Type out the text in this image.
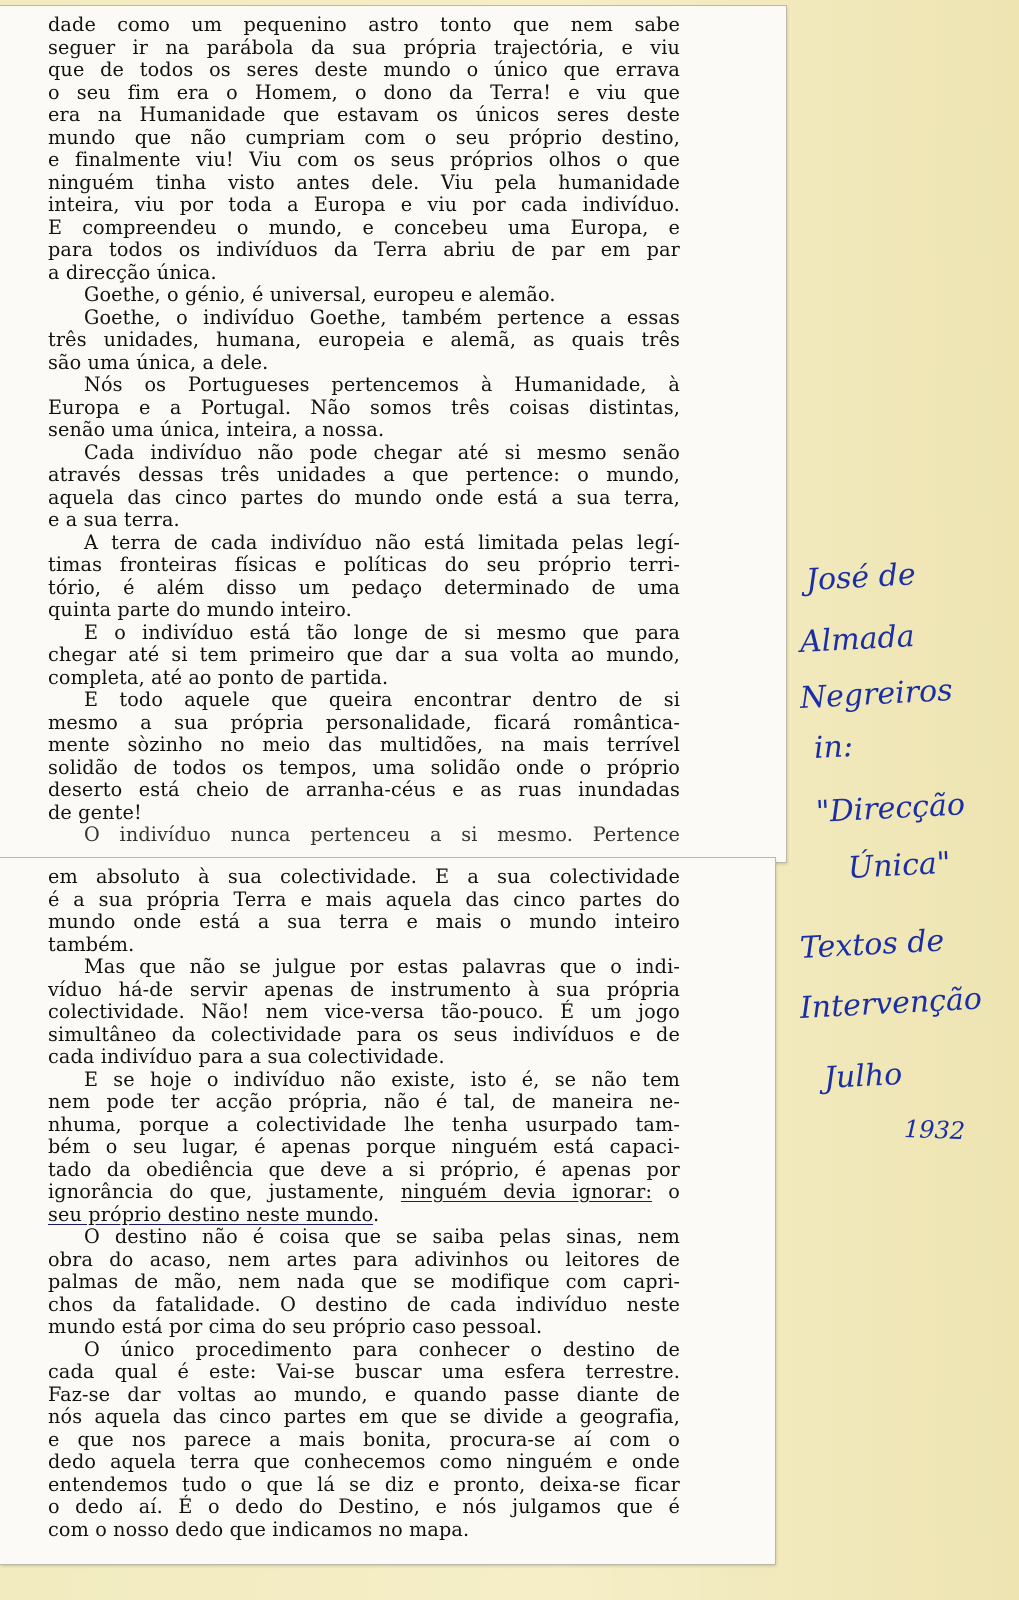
dade como um pequenino astro tonto que nem sabe
seguer ir na parábola da sua própria trajectória, e viu
que de todos os seres deste mundo o único que errava
o seu fim era o Homem, o dono da Terra! e viu que
era na Humanidade que estavam os únicos seres deste
mundo que não cumpriam com o seu próprio destino,
e finalmente viu! Viu com os seus próprios olhos o que
ninguém tinha visto antes dele. Viu pela humanidade
inteira, viu por toda a Europa e viu por cada indivíduo.
E compreendeu o mundo, e concebeu uma Europa, e
para todos os indivíduos da Terra abriu de par em par
a direcção única.
Goethe, o génio, é universal, europeu e alemão.
Goethe, o indivíduo Goethe, também pertence a essas
três unidades, humana, europeia e alemã, as quais três
são uma única, a dele.
Nós os Portugueses pertencemos à Humanidade, à
Europa e a Portugal. Não somos três coisas distintas,
senão uma única, inteira, a nossa.
Cada indivíduo não pode chegar até si mesmo senão
através dessas três unidades a que pertence: o mundo,
aquela das cinco partes do mundo onde está a sua terra,
e a sua terra.
A terra de cada indivíduo não está limitada pelas legí-
timas fronteiras físicas e políticas do seu próprio terri-
tório, é além disso um pedaço determinado de uma
quinta parte do mundo inteiro.
E o indivíduo está tão longe de si mesmo que para
chegar até si tem primeiro que dar a sua volta ao mundo,
completa, até ao ponto de partida.
E todo aquele que queira encontrar dentro de si
mesmo a sua própria personalidade, ficará romântica-
mente sòzinho no meio das multidões, na mais terrível
solidão de todos os tempos, uma solidão onde o próprio
deserto está cheio de arranha-céus e as ruas inundadas
de gente!
O indivíduo nunca pertenceu a si mesmo. Pertence
em absoluto à sua colectividade. E a sua colectividade
é a sua própria Terra e mais aquela das cinco partes do
mundo onde está a sua terra e mais o mundo inteiro
também.
Mas que não se julgue por estas palavras que o indi-
víduo há-de servir apenas de instrumento à sua própria
colectividade. Não! nem vice-versa tão-pouco. É um jogo
simultâneo da colectividade para os seus indivíduos e de
cada indivíduo para a sua colectividade.
E se hoje o indivíduo não existe, isto é, se não tem
nem pode ter acção própria, não é tal, de maneira ne-
nhuma, porque a colectividade lhe tenha usurpado tam-
bém o seu lugar, é apenas porque ninguém está capaci-
tado da obediência que deve a si próprio, é apenas por
ignorância do que, justamente, ninguém devia ignorar: o
seu próprio destino neste mundo.
O destino não é coisa que se saiba pelas sinas, nem
obra do acaso, nem artes para adivinhos ou leitores de
palmas de mão, nem nada que se modifique com capri-
chos da fatalidade. O destino de cada indivíduo neste
mundo está por cima do seu próprio caso pessoal.
O único procedimento para conhecer o destino de
cada qual é este: Vai-se buscar uma esfera terrestre.
Faz-se dar voltas ao mundo, e quando passe diante de
nós aquela das cinco partes em que se divide a geografia,
e que nos parece a mais bonita, procura-se aí com o
dedo aquela terra que conhecemos como ninguém e onde
entendemos tudo o que lá se diz e pronto, deixa-se ficar
o dedo aí. É o dedo do Destino, e nós julgamos que é
com o nosso dedo que indicamos no mapa.
José de
Almada
Negreiros
in:
"Direcção
Única"
Textos de
Intervenção
Julho
1932
